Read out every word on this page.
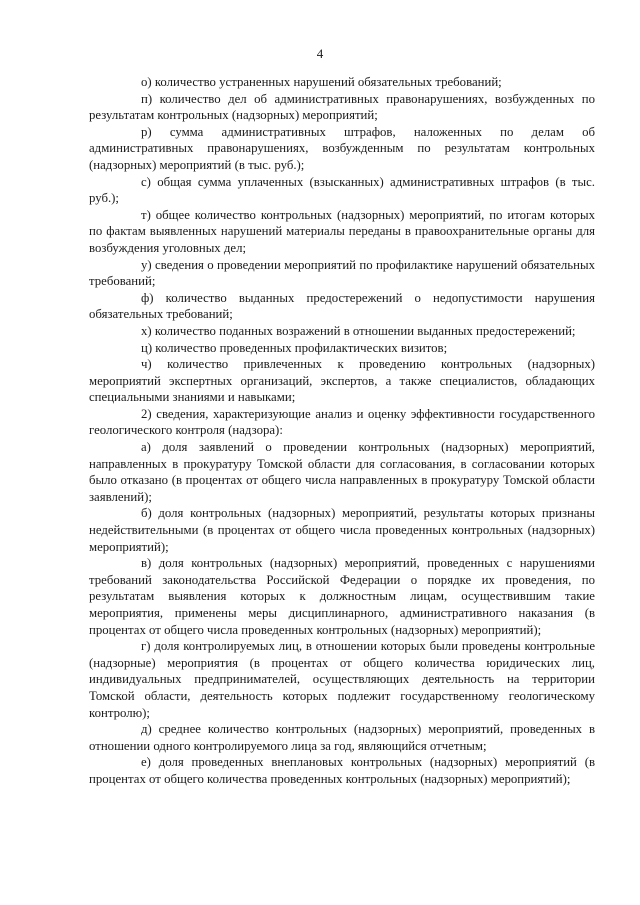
4

о) количество устраненных нарушений обязательных требований;

п) количество дел об административных правонарушениях, возбужденных по результатам контрольных (надзорных) мероприятий;

р) сумма административных штрафов, наложенных по делам об административных правонарушениях, возбужденным по результатам контрольных (надзорных) мероприятий (в тыс. руб.);

с) общая сумма уплаченных (взысканных) административных штрафов (в тыс. руб.);

т) общее количество контрольных (надзорных) мероприятий, по итогам которых по фактам выявленных нарушений материалы переданы в правоохранительные органы для возбуждения уголовных дел;

у) сведения о проведении мероприятий по профилактике нарушений обязательных требований;

ф) количество выданных предостережений о недопустимости нарушения обязательных требований;

х) количество поданных возражений в отношении выданных предостережений;

ц) количество проведенных профилактических визитов;

ч) количество привлеченных к проведению контрольных (надзорных) мероприятий экспертных организаций, экспертов, а также специалистов, обладающих специальными знаниями и навыками;

2) сведения, характеризующие анализ и оценку эффективности государственного геологического контроля (надзора):

а) доля заявлений о проведении контрольных (надзорных) мероприятий, направленных в прокуратуру Томской области для согласования, в согласовании которых было отказано (в процентах от общего числа направленных в прокуратуру Томской области заявлений);

б) доля контрольных (надзорных) мероприятий, результаты которых признаны недействительными (в процентах от общего числа проведенных контрольных (надзорных) мероприятий);

в) доля контрольных (надзорных) мероприятий, проведенных с нарушениями требований законодательства Российской Федерации о порядке их проведения, по результатам выявления которых к должностным лицам, осуществившим такие мероприятия, применены меры дисциплинарного, административного наказания (в процентах от общего числа проведенных контрольных (надзорных) мероприятий);

г) доля контролируемых лиц, в отношении которых были проведены контрольные (надзорные) мероприятия (в процентах от общего количества юридических лиц, индивидуальных предпринимателей, осуществляющих деятельность на территории Томской области, деятельность которых подлежит государственному геологическому контролю);

д) среднее количество контрольных (надзорных) мероприятий, проведенных в отношении одного контролируемого лица за год, являющийся отчетным;

е) доля проведенных внеплановых контрольных (надзорных) мероприятий (в процентах от общего количества проведенных контрольных (надзорных) мероприятий);
